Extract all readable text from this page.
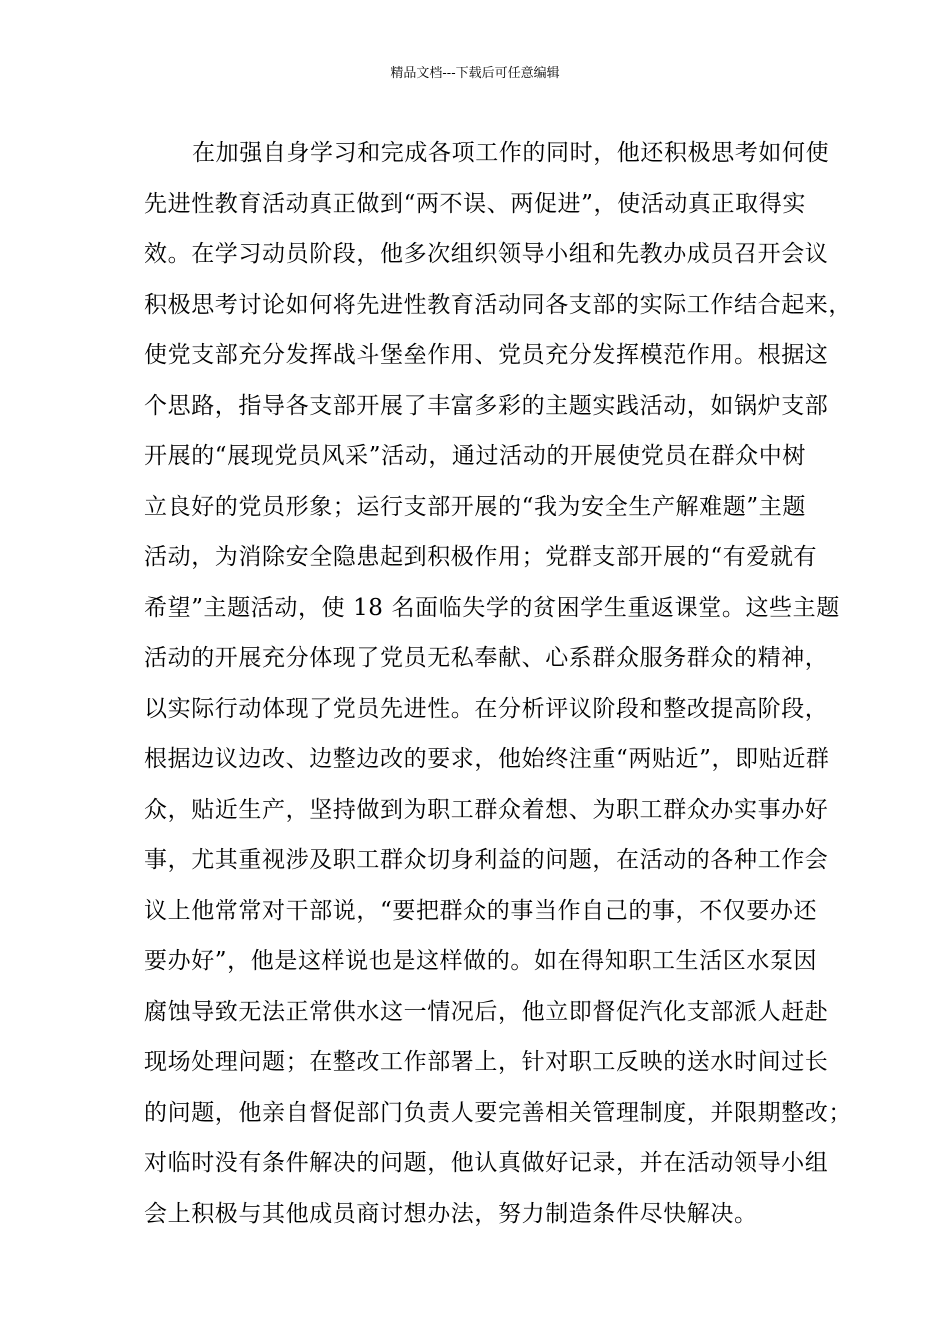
精品文档---下载后可任意编辑
在加强自身学习和完成各项工作的同时，他还积极思考如何使
先进性教育活动真正做到“两不误、两促进”，使活动真正取得实
效。在学习动员阶段，他多次组织领导小组和先教办成员召开会议
积极思考讨论如何将先进性教育活动同各支部的实际工作结合起来，
使党支部充分发挥战斗堡垒作用、党员充分发挥模范作用。根据这
个思路，指导各支部开展了丰富多彩的主题实践活动，如锅炉支部
开展的“展现党员风采”活动，通过活动的开展使党员在群众中树
立良好的党员形象；运行支部开展的“我为安全生产解难题”主题
活动，为消除安全隐患起到积极作用；党群支部开展的“有爱就有
希望”主题活动，使 18 名面临失学的贫困学生重返课堂。这些主题
活动的开展充分体现了党员无私奉献、心系群众服务群众的精神，
以实际行动体现了党员先进性。在分析评议阶段和整改提高阶段，
根据边议边改、边整边改的要求，他始终注重“两贴近”，即贴近群
众，贴近生产，坚持做到为职工群众着想、为职工群众办实事办好
事，尤其重视涉及职工群众切身利益的问题，在活动的各种工作会
议上他常常对干部说，“要把群众的事当作自己的事，不仅要办还
要办好”，他是这样说也是这样做的。如在得知职工生活区水泵因
腐蚀导致无法正常供水这一情况后，他立即督促汽化支部派人赶赴
现场处理问题；在整改工作部署上，针对职工反映的送水时间过长
的问题，他亲自督促部门负责人要完善相关管理制度，并限期整改；
对临时没有条件解决的问题，他认真做好记录，并在活动领导小组
会上积极与其他成员商讨想办法，努力制造条件尽快解决。
